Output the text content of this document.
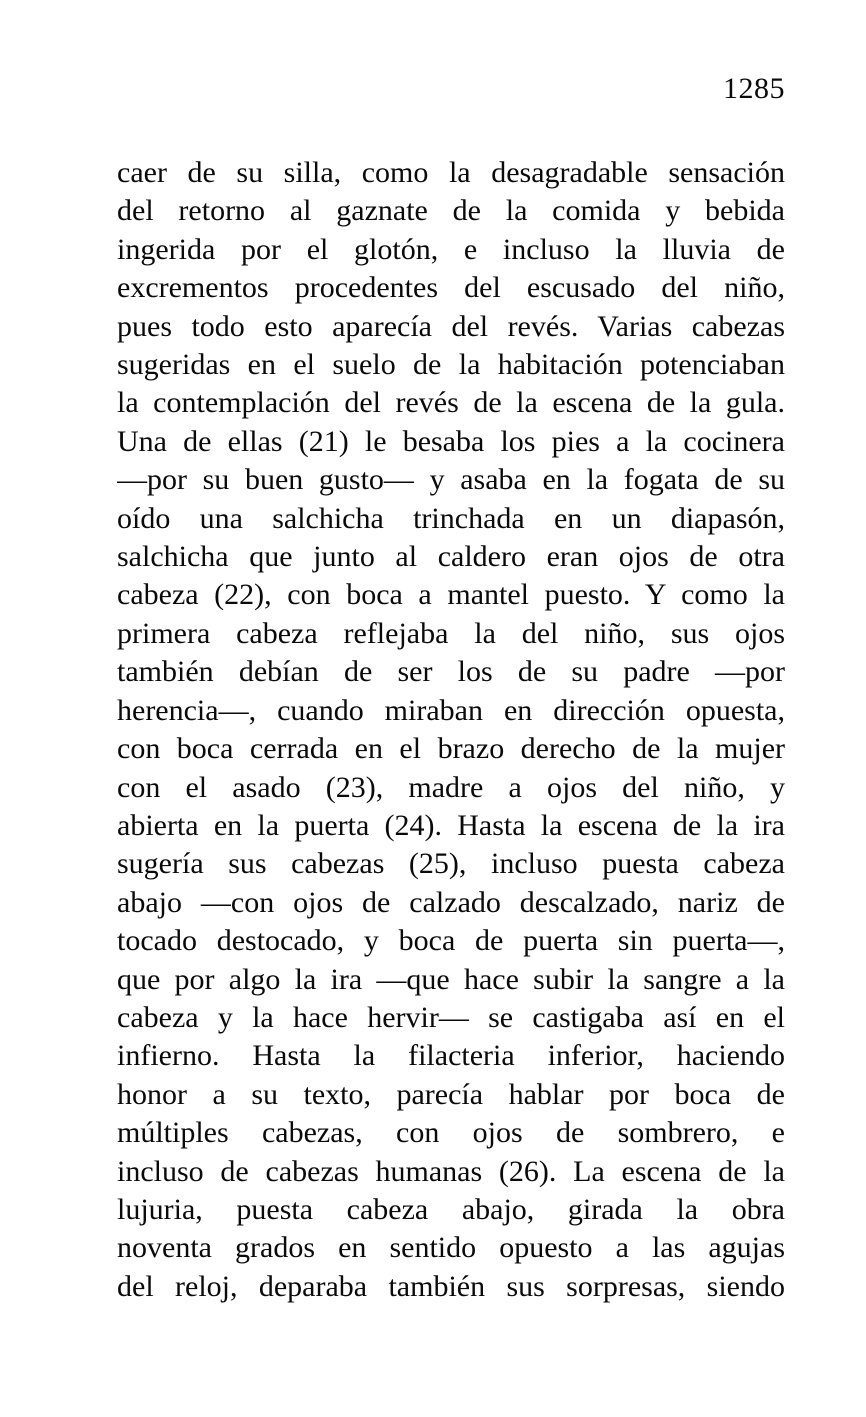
1285
caer de su silla, como la desagradable sensación
del retorno al gaznate de la comida y bebida
ingerida por el glotón, e incluso la lluvia de
excrementos procedentes del escusado del niño,
pues todo esto aparecía del revés. Varias cabezas
sugeridas en el suelo de la habitación potenciaban
la contemplación del revés de la escena de la gula.
Una de ellas (21) le besaba los pies a la cocinera
—por su buen gusto— y asaba en la fogata de su
oído una salchicha trinchada en un diapasón,
salchicha que junto al caldero eran ojos de otra
cabeza (22), con boca a mantel puesto. Y como la
primera cabeza reflejaba la del niño, sus ojos
también debían de ser los de su padre —por
herencia—, cuando miraban en dirección opuesta,
con boca cerrada en el brazo derecho de la mujer
con el asado (23), madre a ojos del niño, y
abierta en la puerta (24). Hasta la escena de la ira
sugería sus cabezas (25), incluso puesta cabeza
abajo —con ojos de calzado descalzado, nariz de
tocado destocado, y boca de puerta sin puerta—,
que por algo la ira —que hace subir la sangre a la
cabeza y la hace hervir— se castigaba así en el
infierno. Hasta la filacteria inferior, haciendo
honor a su texto, parecía hablar por boca de
múltiples cabezas, con ojos de sombrero, e
incluso de cabezas humanas (26). La escena de la
lujuria, puesta cabeza abajo, girada la obra
noventa grados en sentido opuesto a las agujas
del reloj, deparaba también sus sorpresas, siendo
